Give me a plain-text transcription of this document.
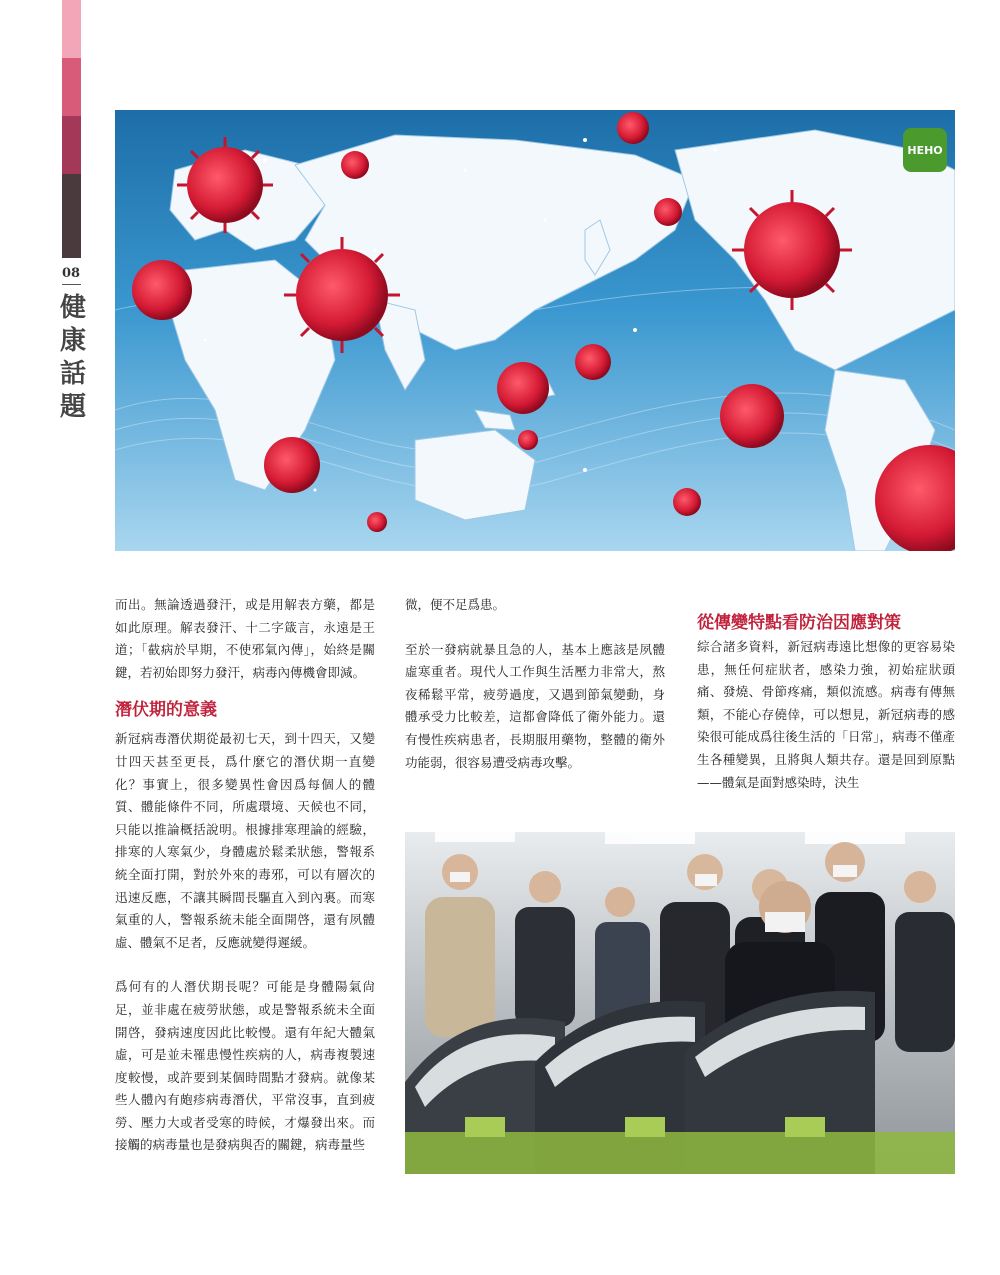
08
健康話題
HEHO

而出。無論透過發汗，或是用解表方藥，都是如此原理。解表發汗、十二字箴言，永遠是王道；「截病於早期，不使邪氣內傳」，始終是關鍵，若初始即努力發汗，病毒內傳機會即減。

潛伏期的意義

新冠病毒潛伏期從最初七天，到十四天，又變廿四天甚至更長，爲什麼它的潛伏期一直變化？事實上，很多變異性會因爲每個人的體質、體能條件不同，所處環境、天候也不同，只能以推論概括說明。根據排寒理論的經驗，排寒的人寒氣少，身體處於鬆柔狀態，警報系統全面打開，對於外來的毒邪，可以有層次的迅速反應，不讓其瞬間長驅直入到內裏。而寒氣重的人，警報系統未能全面開啓，還有夙體虛、體氣不足者，反應就變得遲緩。

爲何有的人潛伏期長呢？可能是身體陽氣尙足，並非處在疲勞狀態，或是警報系統未全面開啓，發病速度因此比較慢。還有年紀大體氣虛，可是並未罹患慢性疾病的人，病毒複製速度較慢，或許要到某個時間點才發病。就像某些人體內有皰疹病毒潛伏，平常沒事，直到疲勞、壓力大或者受寒的時候，才爆發出來。而接觸的病毒量也是發病與否的關鍵，病毒量些

微，便不足爲患。

至於一發病就暴且急的人，基本上應該是夙體虛寒重者。現代人工作與生活壓力非常大，熬夜稀鬆平常，疲勞過度，又遇到節氣變動，身體承受力比較差，這都會降低了衛外能力。還有慢性疾病患者，長期服用藥物，整體的衛外功能弱，很容易遭受病毒攻擊。

從傳變特點看防治因應對策

綜合諸多資料，新冠病毒遠比想像的更容易染患，無任何症狀者，感染力強，初始症狀頭痛、發燒、骨節疼痛，類似流感。病毒有傳無類，不能心存僥倖，可以想見，新冠病毒的感染很可能成爲往後生活的「日常」，病毒不僅產生各種變異，且將與人類共存。還是回到原點——體氣是面對感染時，決生
